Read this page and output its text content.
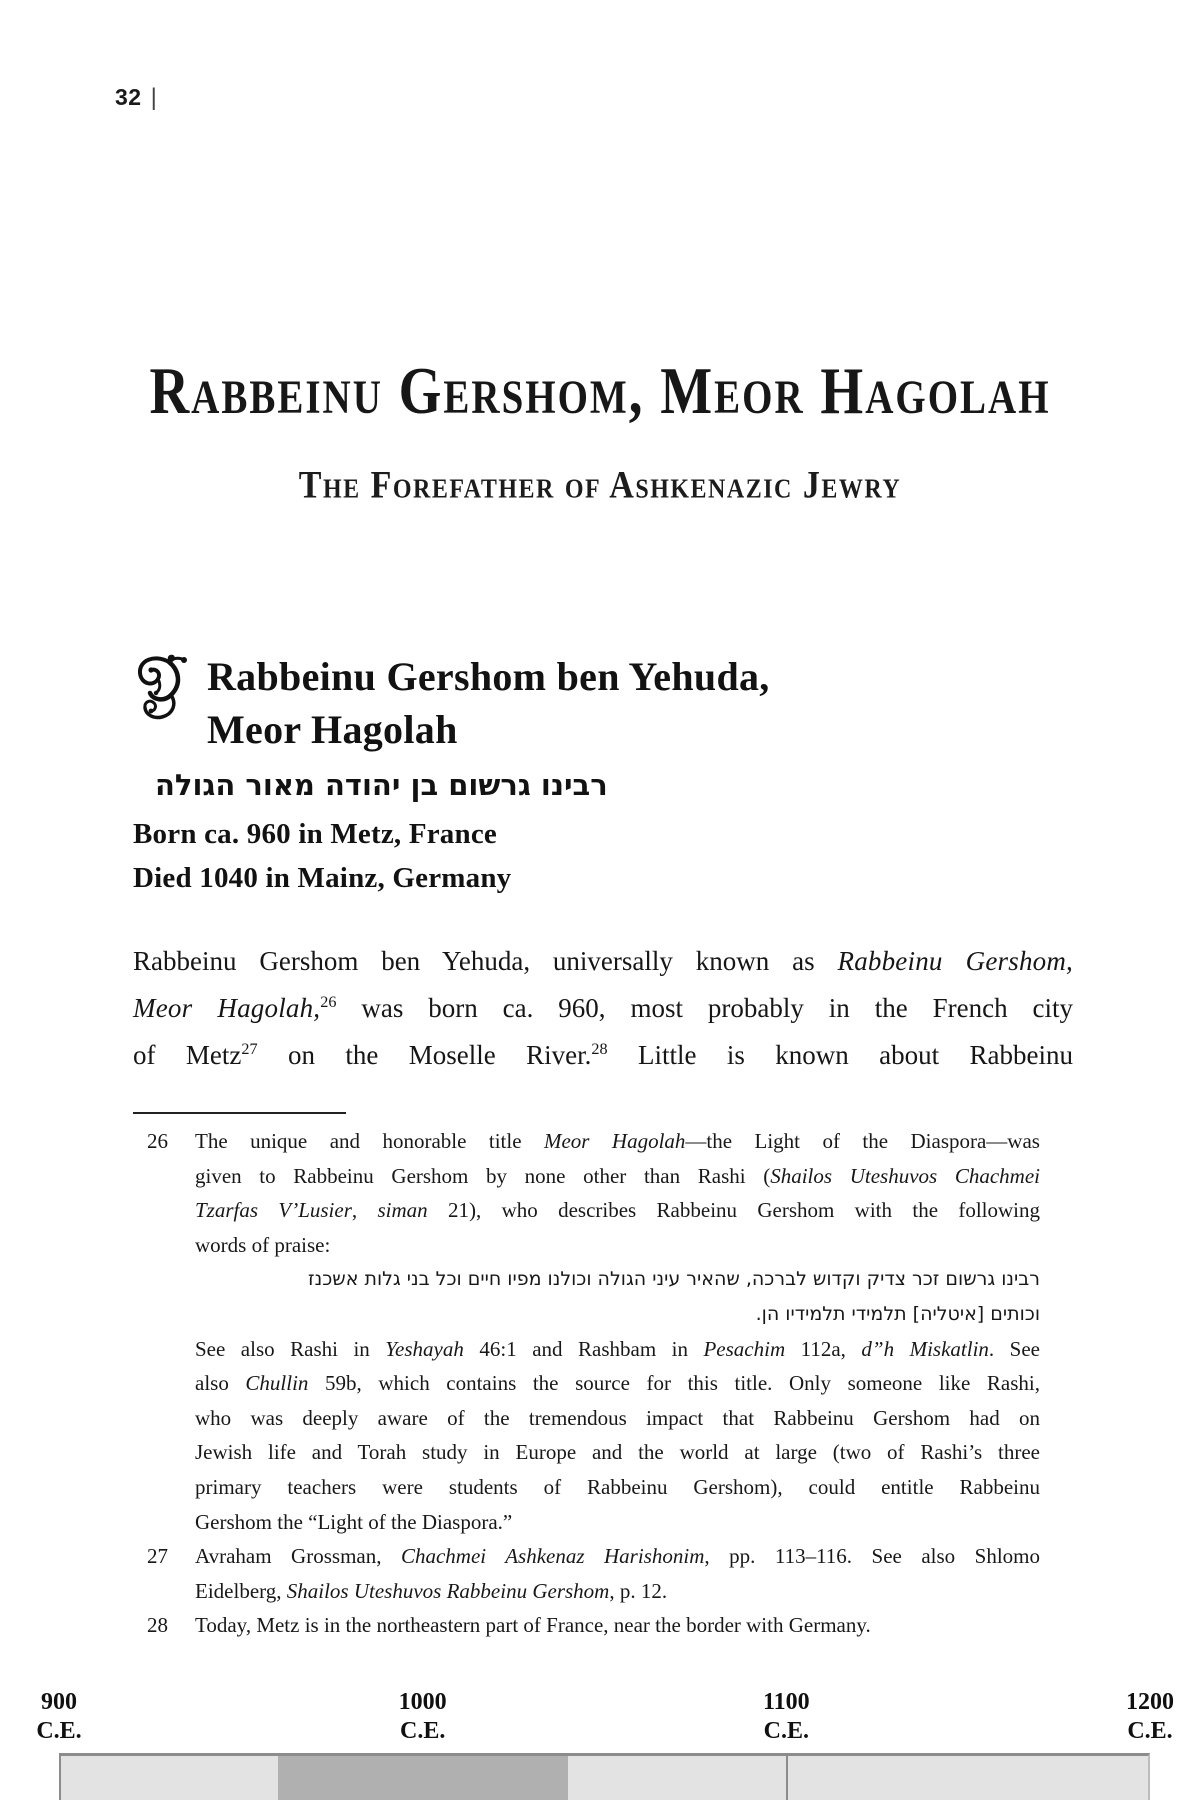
32 |
Rabbeinu Gershom, Meor Hagolah
The Forefather of Ashkenazic Jewry
Rabbeinu Gershom ben Yehuda,
Meor Hagolah
רבינו גרשום בן יהודה מאור הגולה
Born ca. 960 in Metz, France
Died 1040 in Mainz, Germany
Rabbeinu Gershom ben Yehuda, universally known as Rabbeinu Gershom,
Meor Hagolah,$^{26}$ was born ca. 960, most probably in the French city
of Metz$^{27}$ on the Moselle River.$^{28}$ Little is known about Rabbeinu
The unique and honorable title Meor Hagolah—the Light of the Diaspora—was
26
given to Rabbeinu Gershom by none other than Rashi (Shailos Uteshuvos Chachmei
Tzarfas V’Lusier, siman 21), who describes Rabbeinu Gershom with the following
words of praise:
רבינו גרשום זכר צדיק וקדוש לברכה, שהאיר עיני הגולה וכולנו מפיו חיים וכל בני גלות אשכנז
וכותים [איטליה] תלמידי תלמידיו הן.
See also Rashi in Yeshayah 46:1 and Rashbam in Pesachim 112a, d”h Miskatlin. See
also Chullin 59b, which contains the source for this title. Only someone like Rashi,
who was deeply aware of the tremendous impact that Rabbeinu Gershom had on
Jewish life and Torah study in Europe and the world at large (two of Rashi’s three
primary teachers were students of Rabbeinu Gershom), could entitle Rabbeinu
Gershom the “Light of the Diaspora.”
Avraham Grossman, Chachmei Ashkenaz Harishonim, pp. 113–116. See also Shlomo
27
Eidelberg, Shailos Uteshuvos Rabbeinu Gershom, p. 12.
Today, Metz is in the northeastern part of France, near the border with Germany.
28
900
C.E.
1000
C.E.
1100
C.E.
1200
C.E.
